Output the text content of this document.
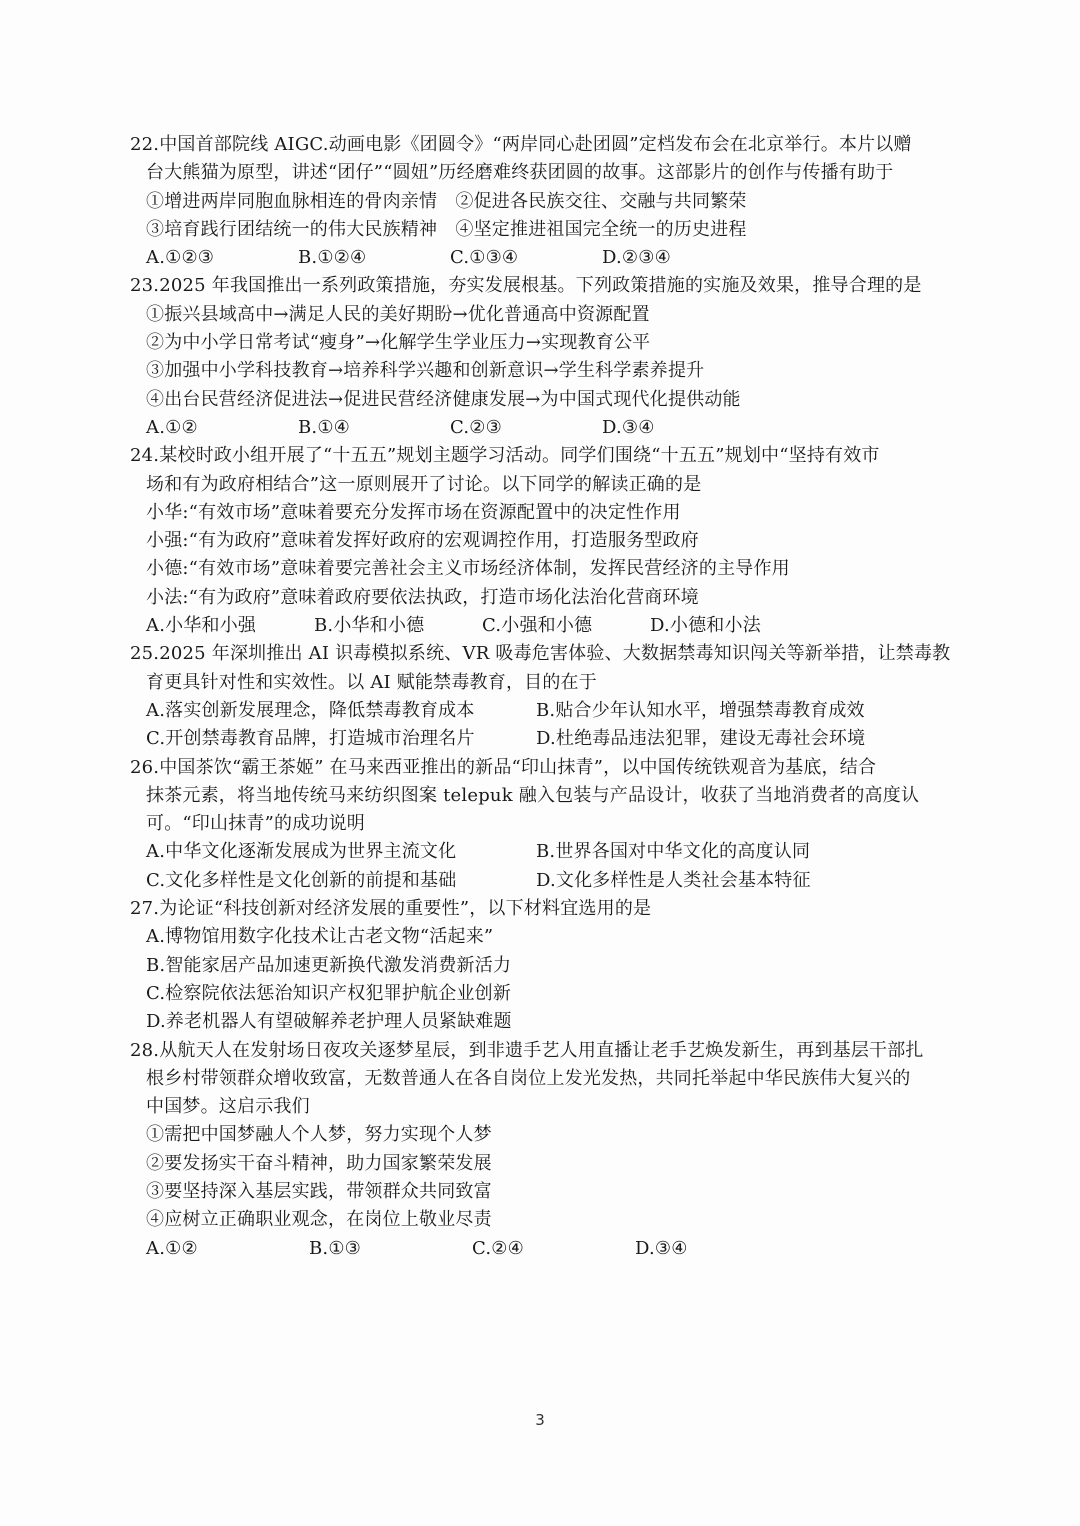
22.中国首部院线 AIGC.动画电影《团圆令》“两岸同心赴团圆”定档发布会在北京举行。本片以赠
台大熊猫为原型，讲述“团仔”“圆妞”历经磨难终获团圆的故事。这部影片的创作与传播有助于
①增进两岸同胞血脉相连的骨肉亲情　②促进各民族交往、交融与共同繁荣
③培育践行团结统一的伟大民族精神　④坚定推进祖国完全统一的历史进程
A.①②③	B.①②④	C.①③④	D.②③④
23.2025 年我国推出一系列政策措施，夯实发展根基。下列政策措施的实施及效果，推导合理的是
①振兴县域高中→满足人民的美好期盼→优化普通高中资源配置
②为中小学日常考试“瘦身”→化解学生学业压力→实现教育公平
③加强中小学科技教育→培养科学兴趣和创新意识→学生科学素养提升
④出台民营经济促进法→促进民营经济健康发展→为中国式现代化提供动能
A.①②	B.①④	C.②③	D.③④
24.某校时政小组开展了“十五五”规划主题学习活动。同学们围绕“十五五”规划中“坚持有效市
场和有为政府相结合”这一原则展开了讨论。以下同学的解读正确的是
小华:“有效市场”意味着要充分发挥市场在资源配置中的决定性作用
小强:“有为政府”意味着发挥好政府的宏观调控作用，打造服务型政府
小德:“有效市场”意味着要完善社会主义市场经济体制，发挥民营经济的主导作用
小法:“有为政府”意味着政府要依法执政，打造市场化法治化营商环境
A.小华和小强	B.小华和小德	C.小强和小德	D.小德和小法
25.2025 年深圳推出 AI 识毒模拟系统、VR 吸毒危害体验、大数据禁毒知识闯关等新举措，让禁毒教
育更具针对性和实效性。以 AI 赋能禁毒教育，目的在于
A.落实创新发展理念，降低禁毒教育成本	B.贴合少年认知水平，增强禁毒教育成效
C.开创禁毒教育品牌，打造城市治理名片	D.杜绝毒品违法犯罪，建设无毒社会环境
26.中国茶饮“霸王茶姬” 在马来西亚推出的新品“印山抹青”，以中国传统铁观音为基底，结合
抹茶元素，将当地传统马来纺织图案 telepuk 融入包装与产品设计，收获了当地消费者的高度认
可。“印山抹青”的成功说明
A.中华文化逐渐发展成为世界主流文化	B.世界各国对中华文化的高度认同
C.文化多样性是文化创新的前提和基础	D.文化多样性是人类社会基本特征
27.为论证“科技创新对经济发展的重要性”，以下材料宜选用的是
A.博物馆用数字化技术让古老文物“活起来”
B.智能家居产品加速更新换代激发消费新活力
C.检察院依法惩治知识产权犯罪护航企业创新
D.养老机器人有望破解养老护理人员紧缺难题
28.从航天人在发射场日夜攻关逐梦星辰，到非遗手艺人用直播让老手艺焕发新生，再到基层干部扎
根乡村带领群众增收致富，无数普通人在各自岗位上发光发热，共同托举起中华民族伟大复兴的
中国梦。这启示我们
①需把中国梦融人个人梦，努力实现个人梦
②要发扬实干奋斗精神，助力国家繁荣发展
③要坚持深入基层实践，带领群众共同致富
④应树立正确职业观念，在岗位上敬业尽责
A.①②	B.①③	C.②④	D.③④
3
